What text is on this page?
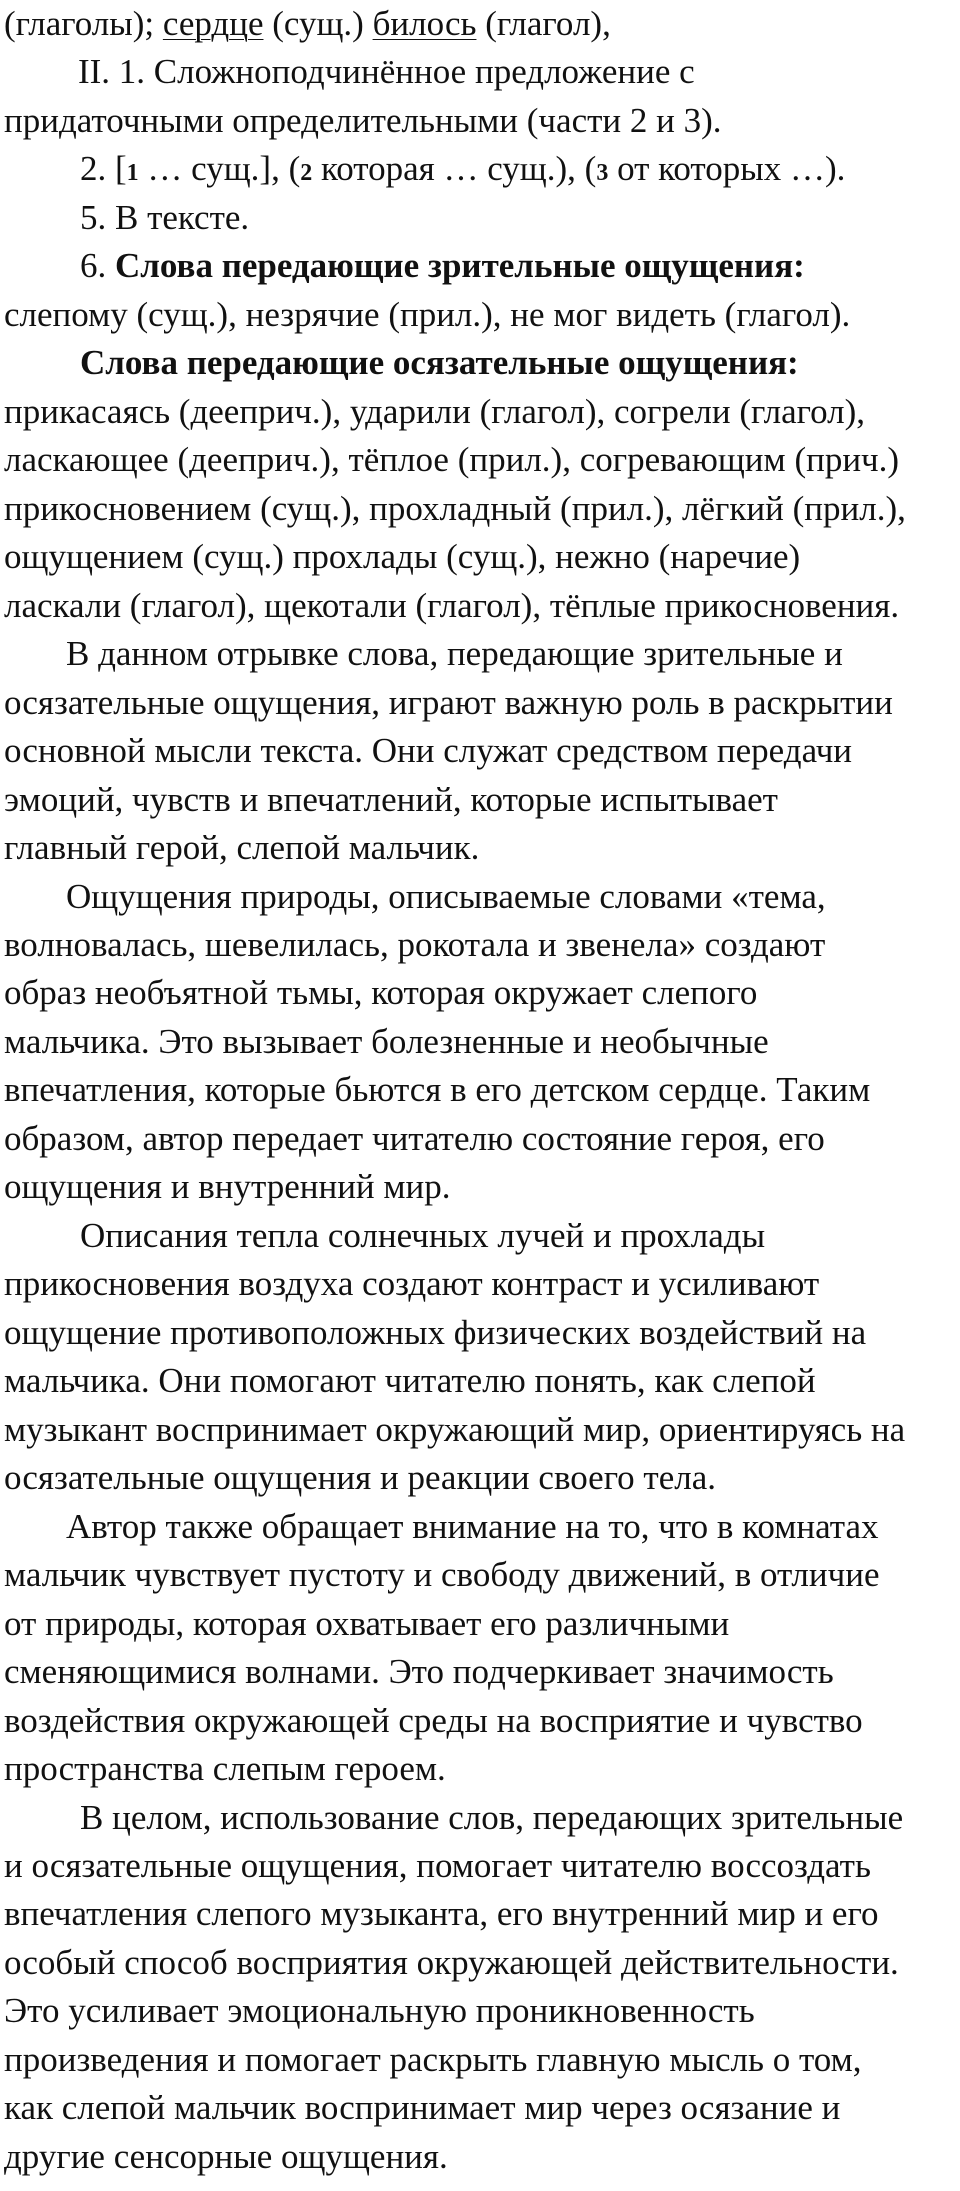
(глаголы); сердце (сущ.) билось (глагол),
II. 1. Сложноподчинённое предложение с
придаточными определительными (части 2 и 3).
2. [1 … сущ.], (2 которая … сущ.), (3 от которых …).
5. В тексте.
6. Слова передающие зрительные ощущения:
слепому (сущ.), незрячие (прил.), не мог видеть (глагол).
Слова передающие осязательные ощущения:
прикасаясь (дееприч.), ударили (глагол), согрели (глагол),
ласкающее (дееприч.), тёплое (прил.), согревающим (прич.)
прикосновением (сущ.), прохладный (прил.), лёгкий (прил.),
ощущением (сущ.) прохлады (сущ.), нежно (наречие)
ласкали (глагол), щекотали (глагол), тёплые прикосновения.
В данном отрывке слова, передающие зрительные и
осязательные ощущения, играют важную роль в раскрытии
основной мысли текста. Они служат средством передачи
эмоций, чувств и впечатлений, которые испытывает
главный герой, слепой мальчик.
Ощущения природы, описываемые словами «тема,
волновалась, шевелилась, рокотала и звенела» создают
образ необъятной тьмы, которая окружает слепого
мальчика. Это вызывает болезненные и необычные
впечатления, которые бьются в его детском сердце. Таким
образом, автор передает читателю состояние героя, его
ощущения и внутренний мир.
Описания тепла солнечных лучей и прохлады
прикосновения воздуха создают контраст и усиливают
ощущение противоположных физических воздействий на
мальчика. Они помогают читателю понять, как слепой
музыкант воспринимает окружающий мир, ориентируясь на
осязательные ощущения и реакции своего тела.
Автор также обращает внимание на то, что в комнатах
мальчик чувствует пустоту и свободу движений, в отличие
от природы, которая охватывает его различными
сменяющимися волнами. Это подчеркивает значимость
воздействия окружающей среды на восприятие и чувство
пространства слепым героем.
В целом, использование слов, передающих зрительные
и осязательные ощущения, помогает читателю воссоздать
впечатления слепого музыканта, его внутренний мир и его
особый способ восприятия окружающей действительности.
Это усиливает эмоциональную проникновенность
произведения и помогает раскрыть главную мысль о том,
как слепой мальчик воспринимает мир через осязание и
другие сенсорные ощущения.
